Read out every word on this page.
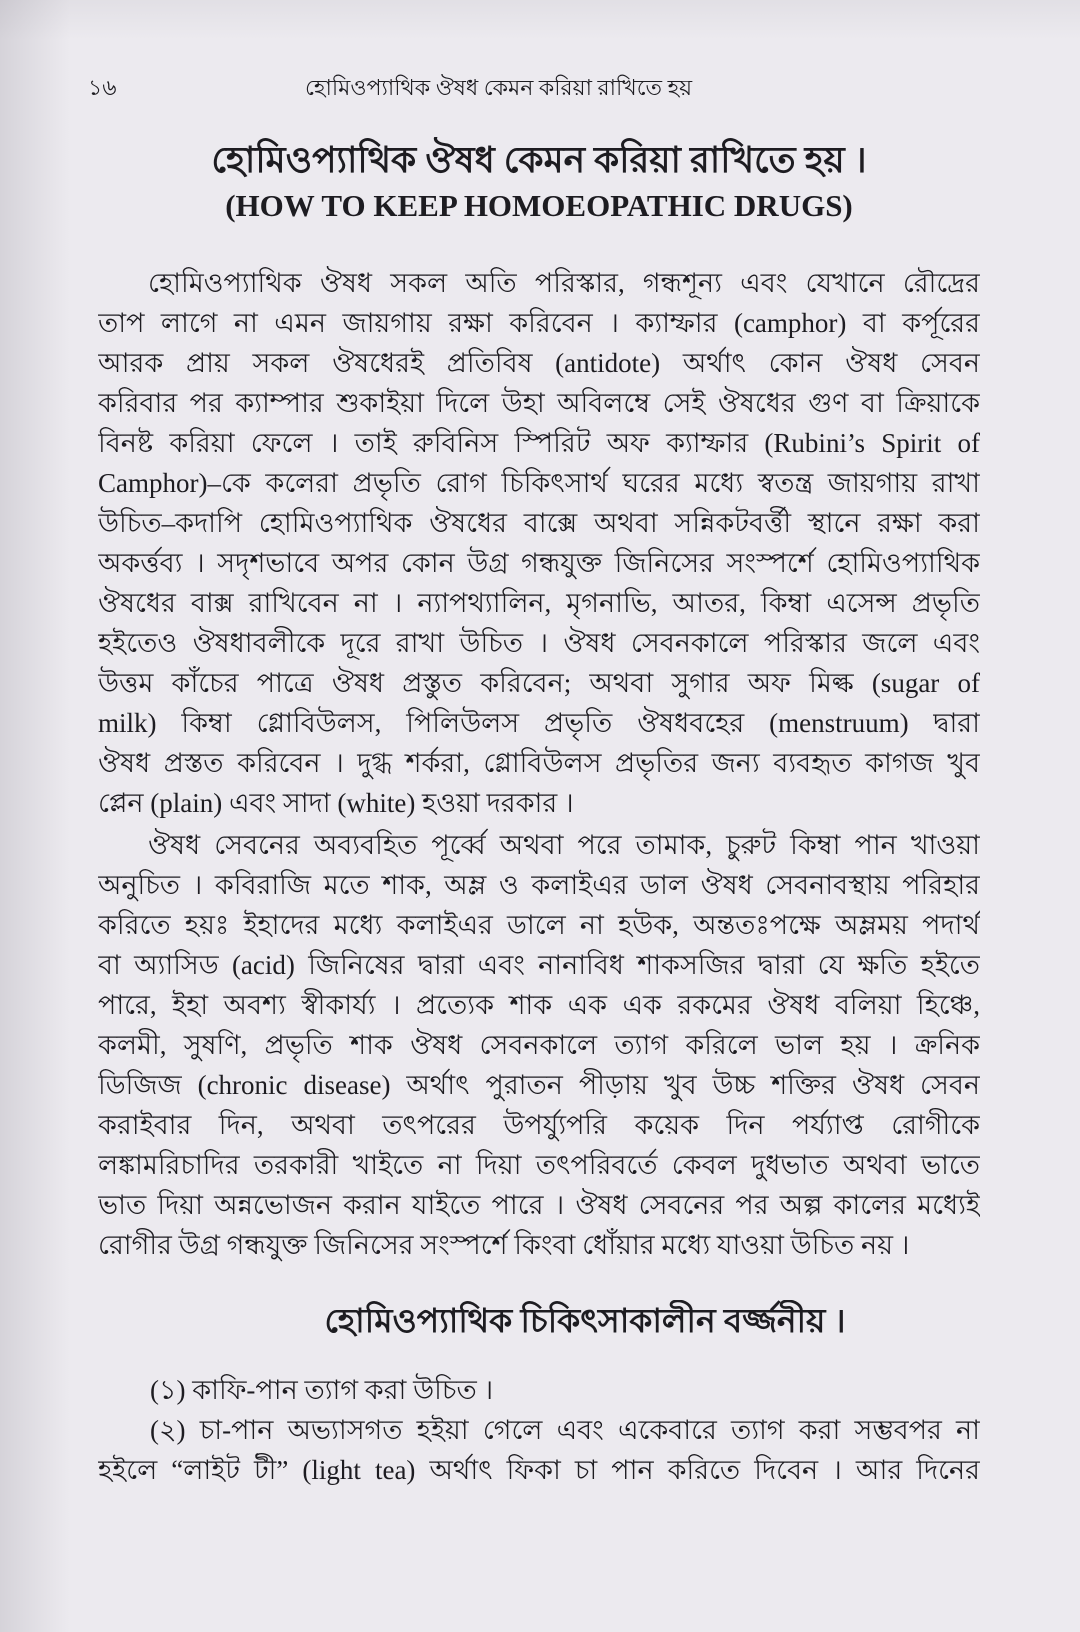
১৬	হোমিওপ্যাথিক ঔষধ কেমন করিয়া রাখিতে হয়
হোমিওপ্যাথিক ঔষধ কেমন করিয়া রাখিতে হয় ।
(HOW TO KEEP HOMOEOPATHIC DRUGS)
হোমিওপ্যাথিক ঔষধ সকল অতি পরিস্কার, গন্ধশূন্য এবং যেখানে রৌদ্রের
তাপ লাগে না এমন জায়গায় রক্ষা করিবেন । ক্যাম্ফার (camphor) বা কর্পূরের
আরক প্রায় সকল ঔষধেরই প্রতিবিষ (antidote) অর্থাৎ কোন ঔষধ সেবন
করিবার পর ক্যাম্পার শুকাইয়া দিলে উহা অবিলম্বে সেই ঔষধের গুণ বা ক্রিয়াকে
বিনষ্ট করিয়া ফেলে । তাই রুবিনিস স্পিরিট অফ ক্যাম্ফার (Rubini’s Spirit of
Camphor)–কে কলেরা প্রভৃতি রোগ চিকিৎসার্থ ঘরের মধ্যে স্বতন্ত্র জায়গায় রাখা
উচিত–কদাপি হোমিওপ্যাথিক ঔষধের বাক্সে অথবা সন্নিকটবর্ত্তী স্থানে রক্ষা করা
অকর্ত্তব্য । সদৃশভাবে অপর কোন উগ্র গন্ধযুক্ত জিনিসের সংস্পর্শে হোমিওপ্যাথিক
ঔষধের বাক্স রাখিবেন না । ন্যাপথ্যালিন, মৃগনাভি, আতর, কিম্বা এসেন্স প্রভৃতি
হইতেও ঔষধাবলীকে দূরে রাখা উচিত । ঔষধ সেবনকালে পরিস্কার জলে এবং
উত্তম কাঁচের পাত্রে ঔষধ প্রস্তুত করিবেন; অথবা সুগার অফ মিল্ক (sugar of
milk) কিম্বা গ্লোবিউলস, পিলিউলস প্রভৃতি ঔষধবহের (menstruum) দ্বারা
ঔষধ প্রস্তত করিবেন । দুগ্ধ শর্করা, গ্লোবিউলস প্রভৃতির জন্য ব্যবহৃত কাগজ খুব
প্লেন (plain) এবং সাদা (white) হওয়া দরকার ।
ঔষধ সেবনের অব্যবহিত পূর্ব্বে অথবা পরে তামাক, চুরুট কিম্বা পান খাওয়া
অনুচিত । কবিরাজি মতে শাক, অম্ল ও কলাইএর ডাল ঔষধ সেবনাবস্থায় পরিহার
করিতে হয়ঃ ইহাদের মধ্যে কলাইএর ডালে না হউক, অন্ততঃপক্ষে অম্লময় পদার্থ
বা অ্যাসিড (acid) জিনিষের দ্বারা এবং নানাবিধ শাকসজির দ্বারা যে ক্ষতি হইতে
পারে, ইহা অবশ্য স্বীকার্য্য । প্রত্যেক শাক এক এক রকমের ঔষধ বলিয়া হিঞ্চে,
কলমী, সুষণি, প্রভৃতি শাক ঔষধ সেবনকালে ত্যাগ করিলে ভাল হয় । ক্রনিক
ডিজিজ (chronic disease) অর্থাৎ পুরাতন পীড়ায় খুব উচ্চ শক্তির ঔষধ সেবন
করাইবার দিন, অথবা তৎপরের উপর্য্যুপরি কয়েক দিন পর্য্যাপ্ত রোগীকে
লঙ্কামরিচাদির তরকারী খাইতে না দিয়া তৎপরিবর্তে কেবল দুধভাত অথবা ভাতে
ভাত দিয়া অন্নভোজন করান যাইতে পারে । ঔষধ সেবনের পর অল্প কালের মধ্যেই
রোগীর উগ্র গন্ধযুক্ত জিনিসের সংস্পর্শে কিংবা ধোঁয়ার মধ্যে যাওয়া উচিত নয় ।
হোমিওপ্যাথিক চিকিৎসাকালীন বর্জ্জনীয় ।
(১) কাফি-পান ত্যাগ করা উচিত ।
(২) চা-পান অভ্যাসগত হইয়া গেলে এবং একেবারে ত্যাগ করা সম্ভবপর না
হইলে “লাইট টী” (light tea) অর্থাৎ ফিকা চা পান করিতে দিবেন । আর দিনের
